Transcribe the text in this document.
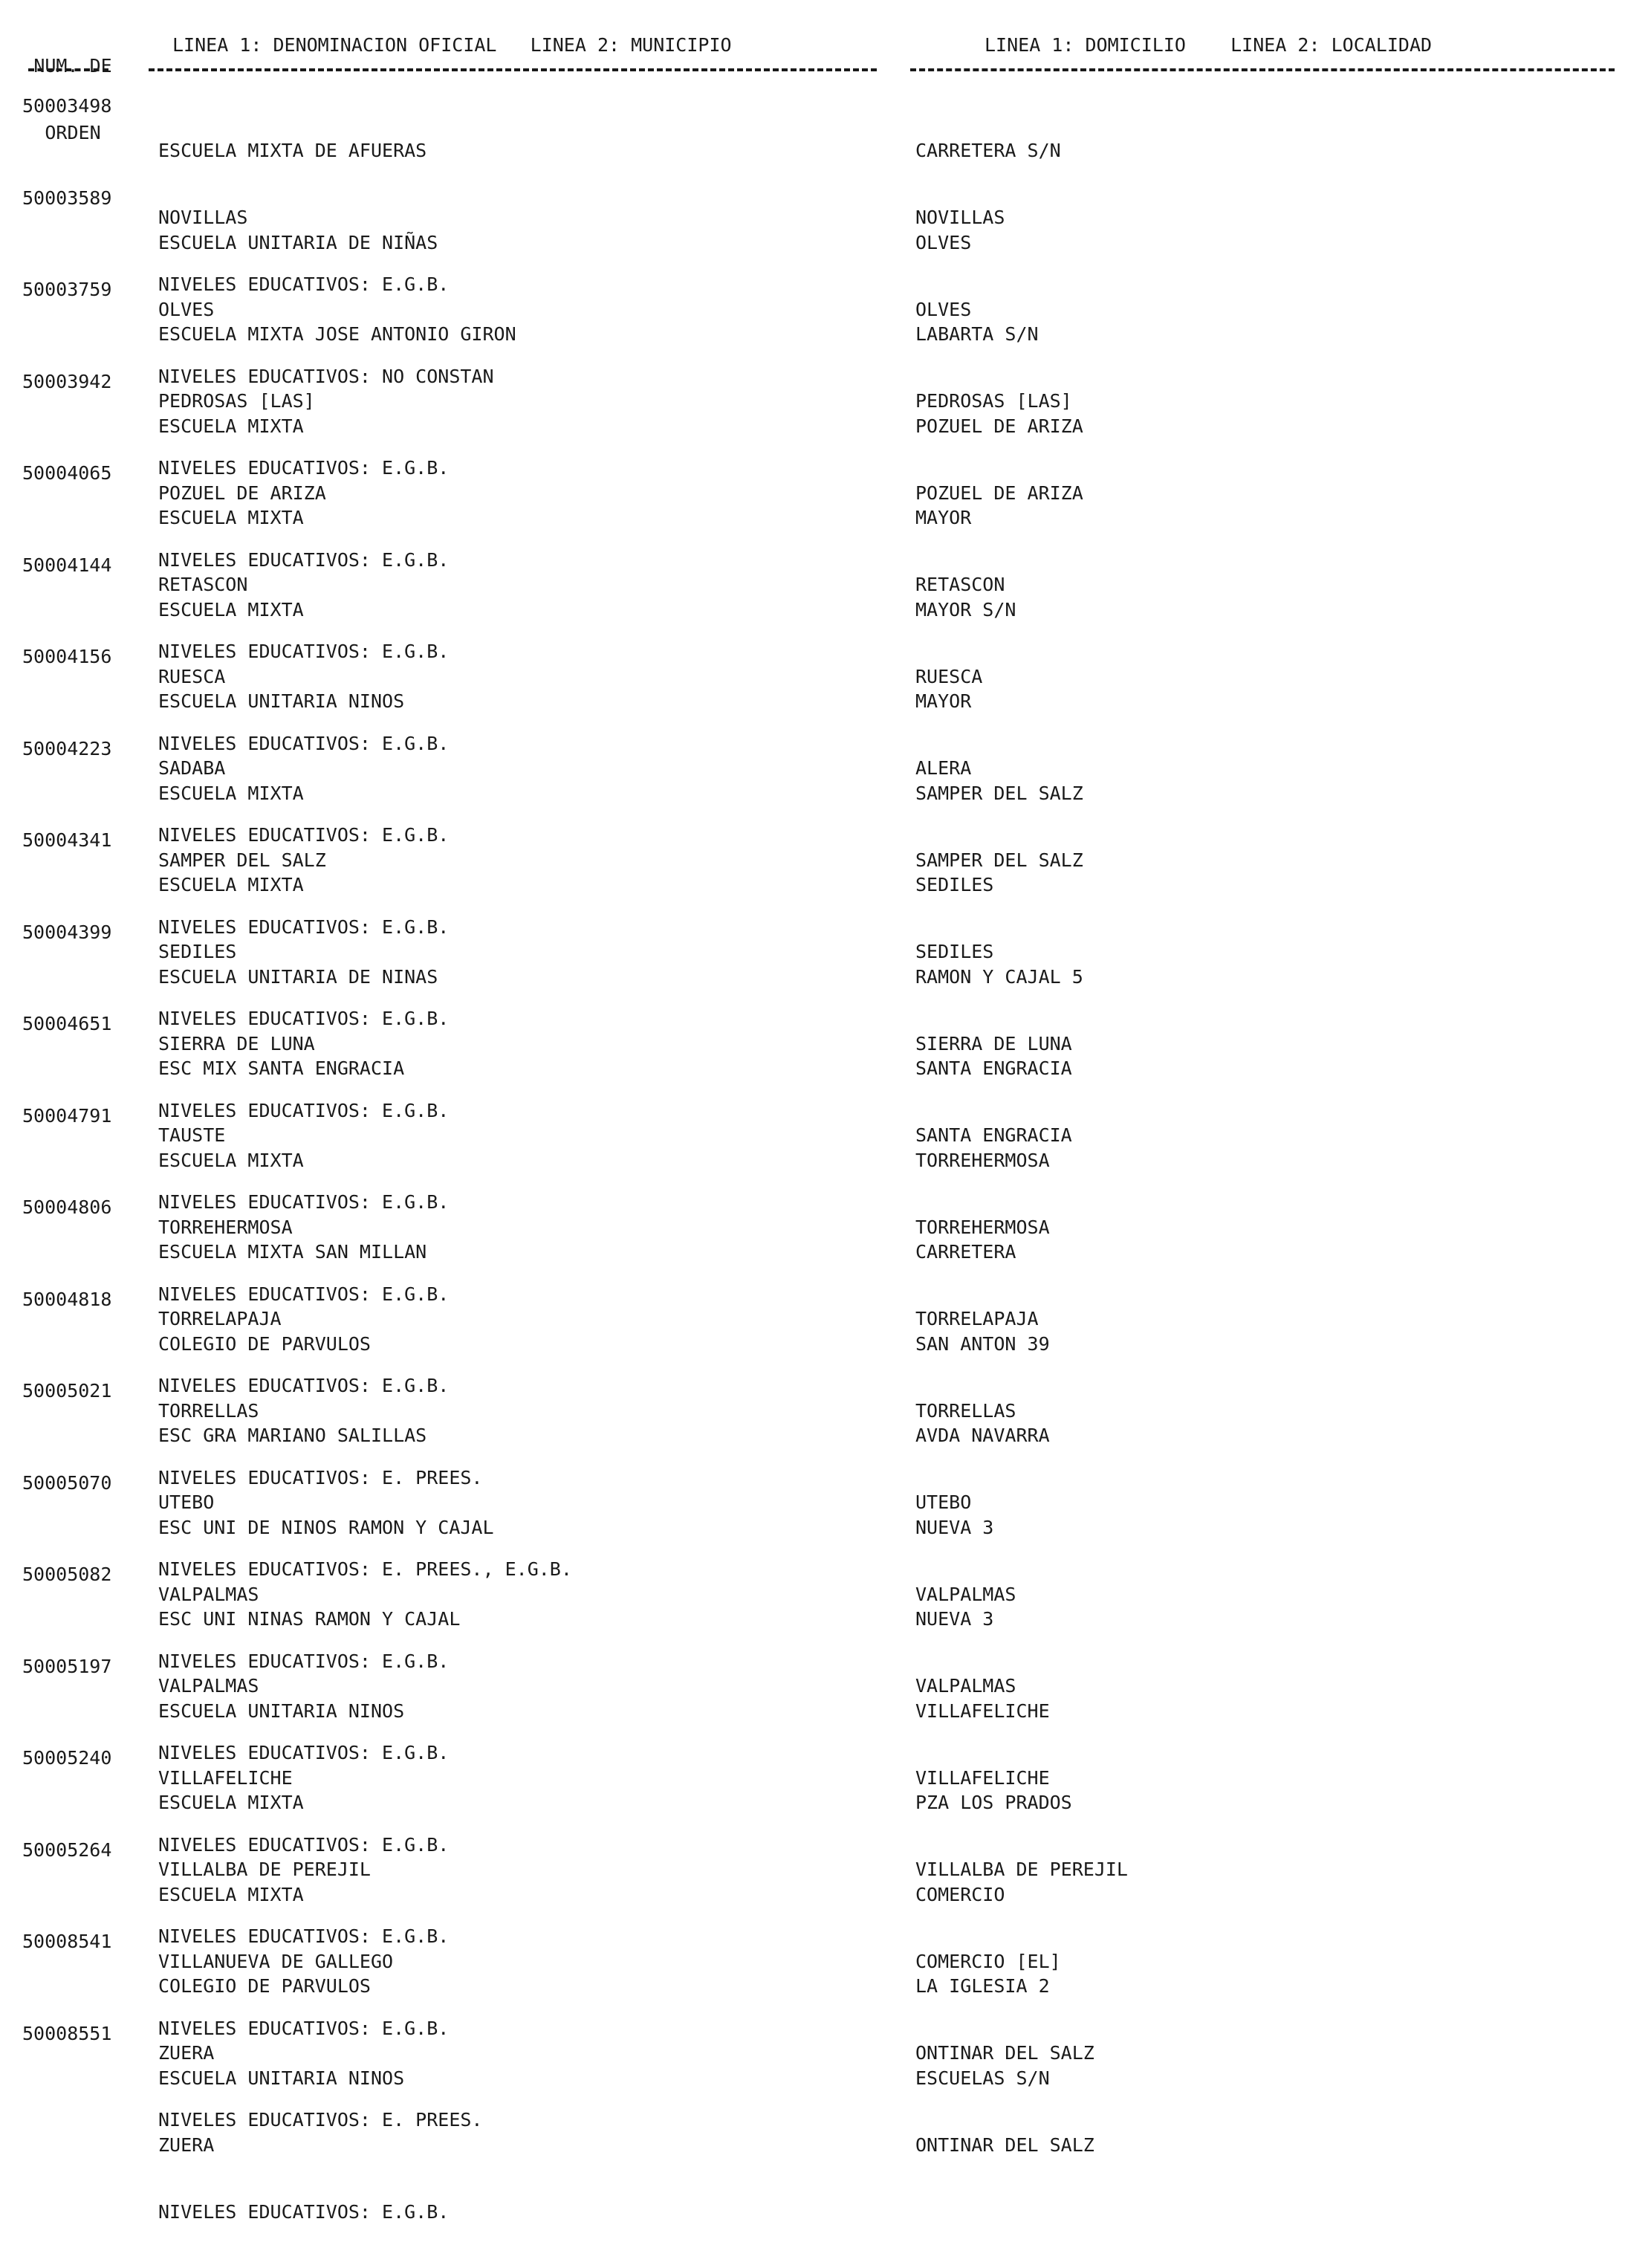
NUM. DE

ORDEN

LINEA 1: DENOMINACION OFICIAL   LINEA 2: MUNICIPIO	LINEA 1: DOMICILIO    LINEA 2: LOCALIDAD
50003498

ESCUELA MIXTA DE AFUERAS

NOVILLAS

NIVELES EDUCATIVOS: E.G.B.

CARRETERA S/N

NOVILLAS

50003589

ESCUELA UNITARIA DE NIÑAS

OLVES

NIVELES EDUCATIVOS: NO CONSTAN

OLVES

OLVES

50003759

ESCUELA MIXTA JOSE ANTONIO GIRON

PEDROSAS [LAS]

NIVELES EDUCATIVOS: E.G.B.

LABARTA S/N

PEDROSAS [LAS]

50003942

ESCUELA MIXTA

POZUEL DE ARIZA

NIVELES EDUCATIVOS: E.G.B.

POZUEL DE ARIZA

POZUEL DE ARIZA

50004065

ESCUELA MIXTA

RETASCON

NIVELES EDUCATIVOS: E.G.B.

MAYOR

RETASCON

50004144

ESCUELA MIXTA

RUESCA

NIVELES EDUCATIVOS: E.G.B.

MAYOR S/N

RUESCA

50004156

ESCUELA UNITARIA NINOS

SADABA

NIVELES EDUCATIVOS: E.G.B.

MAYOR

ALERA

50004223

ESCUELA MIXTA

SAMPER DEL SALZ

NIVELES EDUCATIVOS: E.G.B.

SAMPER DEL SALZ

SAMPER DEL SALZ

50004341

ESCUELA MIXTA

SEDILES

NIVELES EDUCATIVOS: E.G.B.

SEDILES

SEDILES

50004399

ESCUELA UNITARIA DE NINAS

SIERRA DE LUNA

NIVELES EDUCATIVOS: E.G.B.

RAMON Y CAJAL 5

SIERRA DE LUNA

50004651

ESC MIX SANTA ENGRACIA

TAUSTE

NIVELES EDUCATIVOS: E.G.B.

SANTA ENGRACIA

SANTA ENGRACIA

50004791

ESCUELA MIXTA

TORREHERMOSA

NIVELES EDUCATIVOS: E.G.B.

TORREHERMOSA

TORREHERMOSA

50004806

ESCUELA MIXTA SAN MILLAN

TORRELAPAJA

NIVELES EDUCATIVOS: E.G.B.

CARRETERA

TORRELAPAJA

50004818

COLEGIO DE PARVULOS

TORRELLAS

NIVELES EDUCATIVOS: E. PREES.

SAN ANTON 39

TORRELLAS

50005021

ESC GRA MARIANO SALILLAS

UTEBO

NIVELES EDUCATIVOS: E. PREES., E.G.B.

AVDA NAVARRA

UTEBO

50005070

ESC UNI DE NINOS RAMON Y CAJAL

VALPALMAS

NIVELES EDUCATIVOS: E.G.B.

NUEVA 3

VALPALMAS

50005082

ESC UNI NINAS RAMON Y CAJAL

VALPALMAS

NIVELES EDUCATIVOS: E.G.B.

NUEVA 3

VALPALMAS

50005197

ESCUELA UNITARIA NINOS

VILLAFELICHE

NIVELES EDUCATIVOS: E.G.B.

VILLAFELICHE

VILLAFELICHE

50005240

ESCUELA MIXTA

VILLALBA DE PEREJIL

NIVELES EDUCATIVOS: E.G.B.

PZA LOS PRADOS

VILLALBA DE PEREJIL

50005264

ESCUELA MIXTA

VILLANUEVA DE GALLEGO

NIVELES EDUCATIVOS: E.G.B.

COMERCIO

COMERCIO [EL]

50008541

COLEGIO DE PARVULOS

ZUERA

NIVELES EDUCATIVOS: E. PREES.

LA IGLESIA 2

ONTINAR DEL SALZ

50008551

ESCUELA UNITARIA NINOS

ZUERA

NIVELES EDUCATIVOS: E.G.B.

ESCUELAS S/N

ONTINAR DEL SALZ
